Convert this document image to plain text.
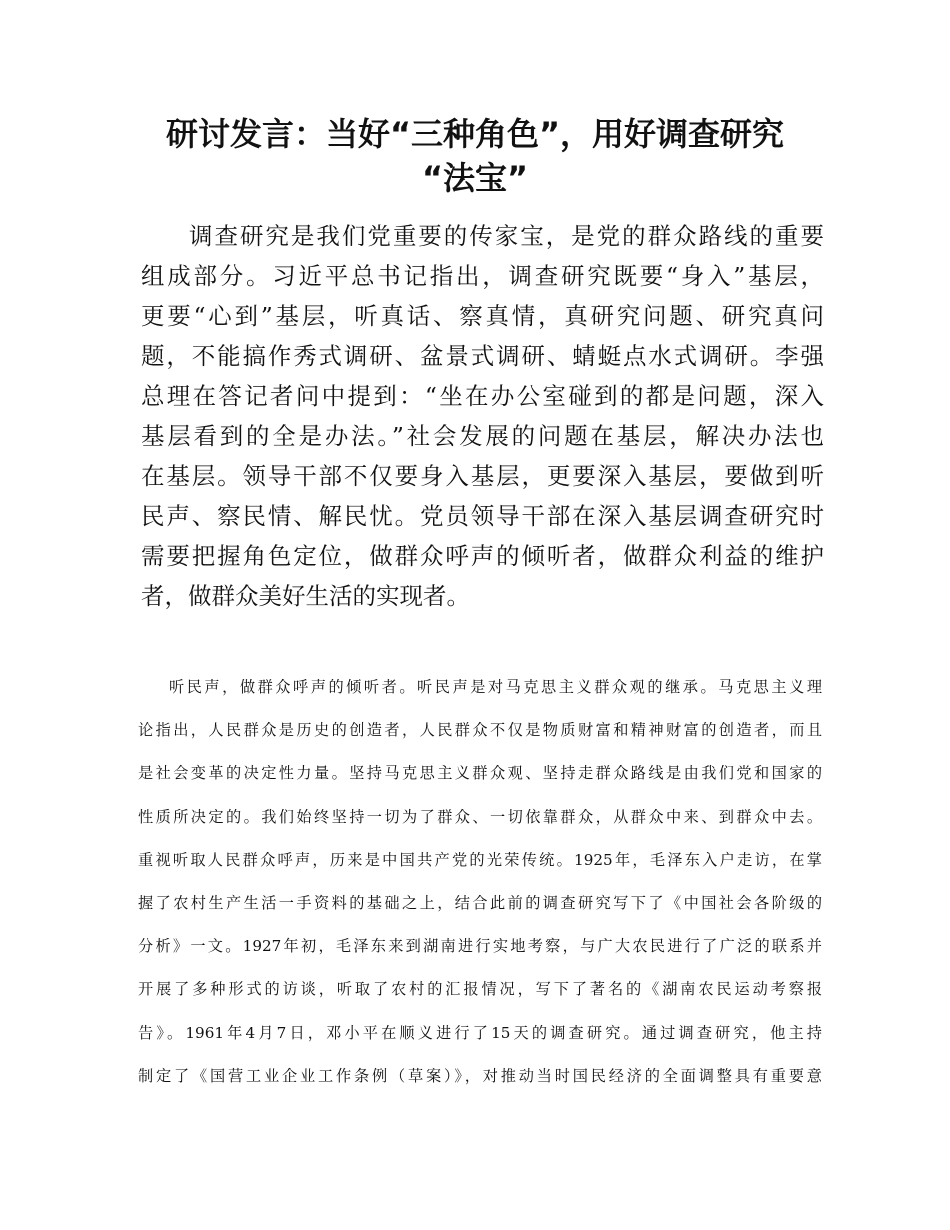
研讨发言：当好“三种角色”，用好调查研究
“法宝”
调查研究是我们党重要的传家宝，是党的群众路线的重要
组成部分。习近平总书记指出，调查研究既要“身入”基层，
更要“心到”基层，听真话、察真情，真研究问题、研究真问
题，不能搞作秀式调研、盆景式调研、蜻蜓点水式调研。李强
总理在答记者问中提到：“坐在办公室碰到的都是问题，深入
基层看到的全是办法。”社会发展的问题在基层，解决办法也
在基层。领导干部不仅要身入基层，更要深入基层，要做到听
民声、察民情、解民忧。党员领导干部在深入基层调查研究时
需要把握角色定位，做群众呼声的倾听者，做群众利益的维护
者，做群众美好生活的实现者。
听民声，做群众呼声的倾听者。听民声是对马克思主义群众观的继承。马克思主义理
论指出，人民群众是历史的创造者，人民群众不仅是物质财富和精神财富的创造者，而且
是社会变革的决定性力量。坚持马克思主义群众观、坚持走群众路线是由我们党和国家的
性质所决定的。我们始终坚持一切为了群众、一切依靠群众，从群众中来、到群众中去。
重视听取人民群众呼声，历来是中国共产党的光荣传统。1925年，毛泽东入户走访，在掌
握了农村生产生活一手资料的基础之上，结合此前的调查研究写下了《中国社会各阶级的
分析》一文。1927年初，毛泽东来到湖南进行实地考察，与广大农民进行了广泛的联系并
开展了多种形式的访谈，听取了农村的汇报情况，写下了著名的《湖南农民运动考察报
告》。1961年4月7日，邓小平在顺义进行了15天的调查研究。通过调查研究，他主持
制定了《国营工业企业工作条例（草案）》，对推动当时国民经济的全面调整具有重要意
